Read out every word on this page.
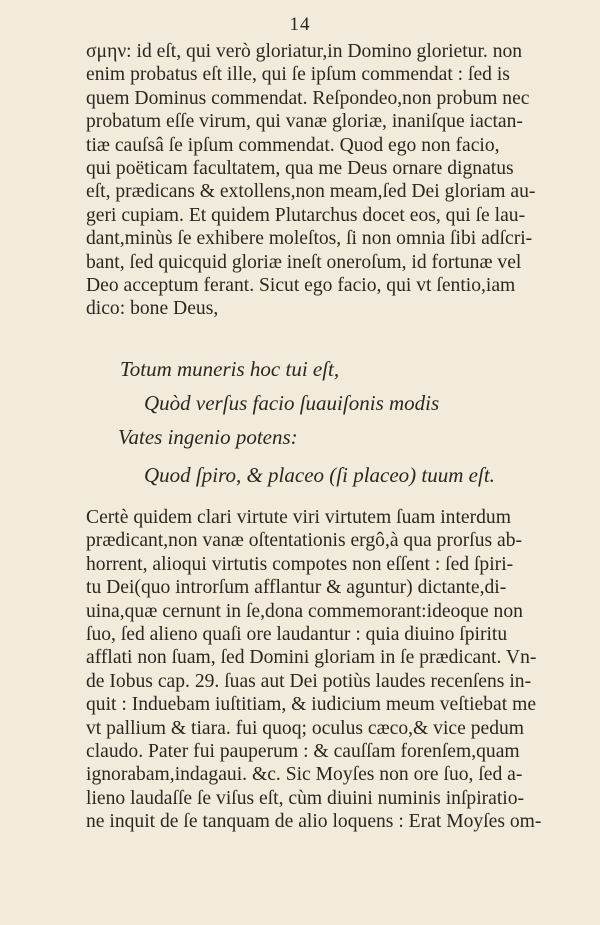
14
σμην: id eſt, qui verò gloriatur,in Domino glorietur. non
enim probatus eſt ille, qui ſe ipſum commendat : ſed is
quem Dominus commendat. Reſpondeo,non probum nec
probatum eſſe virum, qui vanæ gloriæ, inaniſque iactan-
tiæ cauſsâ ſe ipſum commendat. Quod ego non facio,
qui poëticam facultatem, qua me Deus ornare dignatus
eſt, prædicans & extollens,non meam,ſed Dei gloriam au-
geri cupiam. Et quidem Plutarchus docet eos, qui ſe lau-
dant,minùs ſe exhibere moleſtos, ſi non omnia ſibi adſcri-
bant, ſed quicquid gloriæ ineſt oneroſum, id fortunæ vel
Deo acceptum ferant. Sicut ego facio, qui vt ſentio,iam
dico: bone Deus,
Totum muneris hoc tui eſt,
Quòd verſus facio ſuauiſonis modis
Vates ingenio potens:
Quod ſpiro, & placeo (ſi placeo) tuum eſt.
Certè quidem clari virtute viri virtutem ſuam interdum
prædicant,non vanæ oſtentationis ergô,à qua prorſus ab-
horrent, alioqui virtutis compotes non eſſent : ſed ſpiri-
tu Dei(quo introrſum afflantur & aguntur) dictante,di-
uina,quæ cernunt in ſe,dona commemorant:ideoque non
ſuo, ſed alieno quaſi ore laudantur : quia diuino ſpiritu
afflati non ſuam, ſed Domini gloriam in ſe prædicant. Vn-
de Iobus cap. 29. ſuas aut Dei potiùs laudes recenſens in-
quit : Induebam iuſtitiam, & iudicium meum veſtiebat me
vt pallium & tiara. fui quoq; oculus cæco,& vice pedum
claudo. Pater fui pauperum : & cauſſam forenſem,quam
ignorabam,indagaui. &c. Sic Moyſes non ore ſuo, ſed a-
lieno laudaſſe ſe viſus eſt, cùm diuini numinis inſpiratio-
ne inquit de ſe tanquam de alio loquens : Erat Moyſes om-
